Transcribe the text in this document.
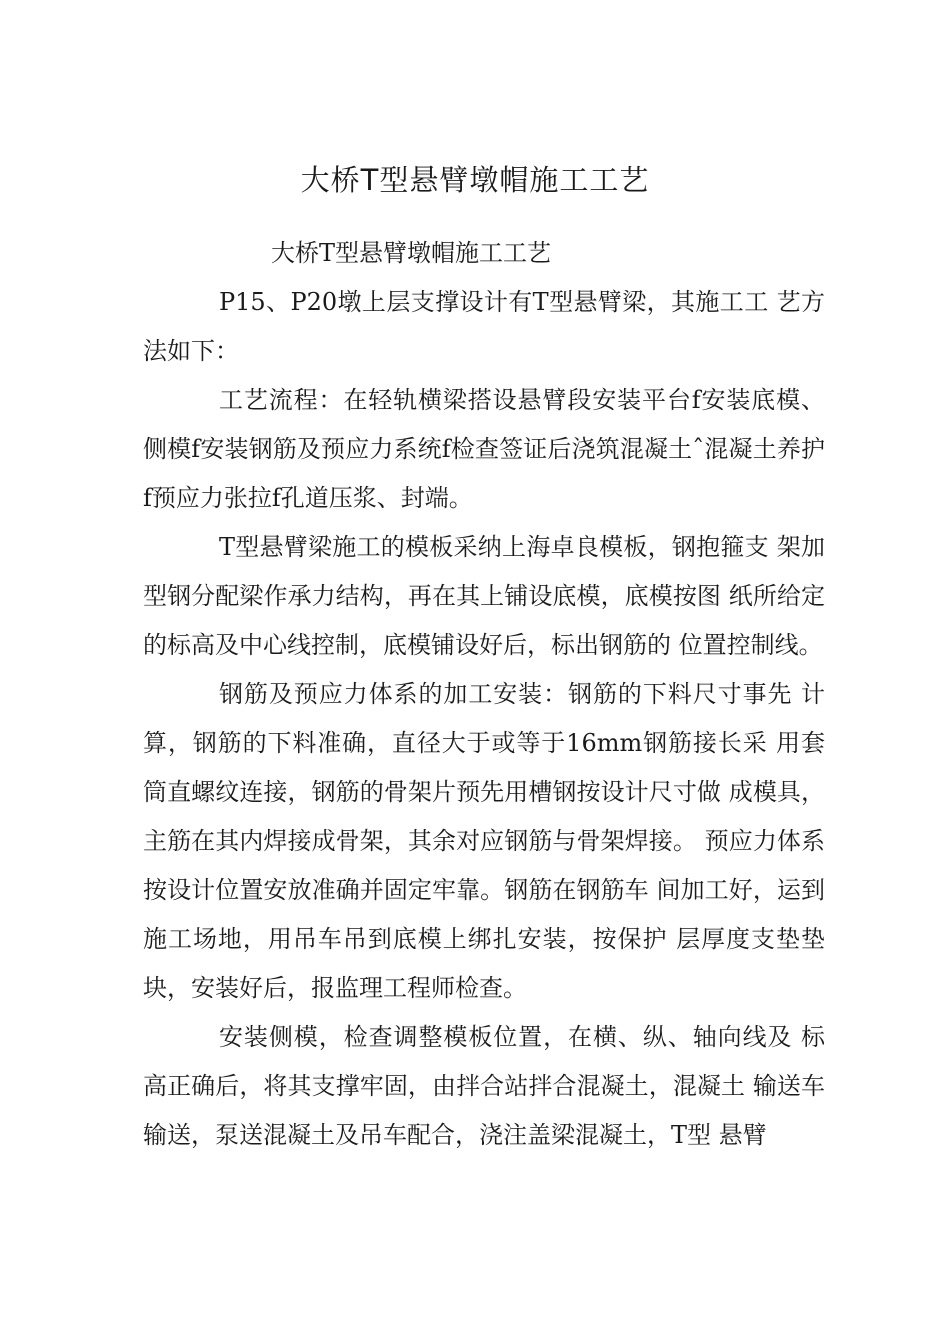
大桥T型悬臂墩帽施工工艺

大桥T型悬臂墩帽施工工艺

P15、P20墩上层支撑设计有T型悬臂梁，其施工工 艺方法如下：

工艺流程：在轻轨横梁搭设悬臂段安装平台f安装底模、侧模f安装钢筋及预应力系统f检查签证后浇筑混凝土ˆ混凝土养护f预应力张拉f孔道压浆、封端。

T型悬臂梁施工的模板采纳上海卓良模板，钢抱箍支 架加型钢分配梁作承力结构，再在其上铺设底模，底模按图 纸所给定的标高及中心线控制，底模铺设好后，标出钢筋的 位置控制线。

钢筋及预应力体系的加工安装：钢筋的下料尺寸事先 计算，钢筋的下料准确，直径大于或等于16mm钢筋接长采 用套筒直螺纹连接，钢筋的骨架片预先用槽钢按设计尺寸做 成模具，主筋在其内焊接成骨架，其余对应钢筋与骨架焊接。 预应力体系按设计位置安放准确并固定牢靠。钢筋在钢筋车 间加工好，运到施工场地，用吊车吊到底模上绑扎安装，按保护 层厚度支垫垫块，安装好后，报监理工程师检查。

安装侧模，检查调整模板位置，在横、纵、轴向线及 标高正确后，将其支撑牢固，由拌合站拌合混凝土，混凝土 输送车输送，泵送混凝土及吊车配合，浇注盖梁混凝土，T型 悬臂
